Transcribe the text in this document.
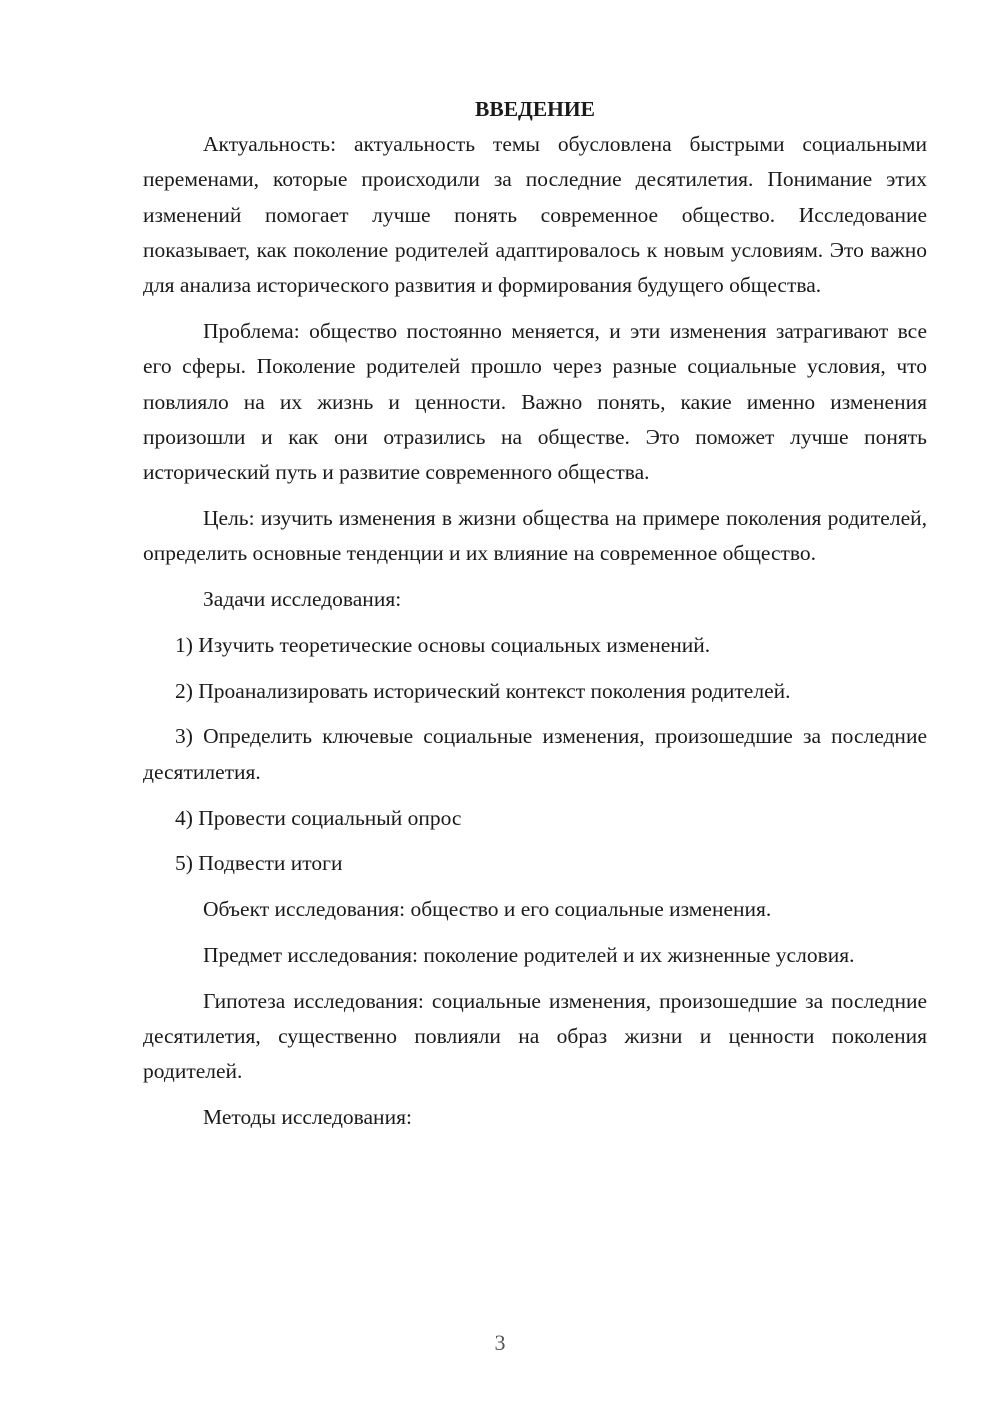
ВВЕДЕНИЕ

Актуальность: актуальность темы обусловлена быстрыми социальными переменами, которые происходили за последние десятилетия. Понимание этих изменений помогает лучше понять современное общество. Исследование показывает, как поколение родителей адаптировалось к новым условиям. Это важно для анализа исторического развития и формирования будущего общества.

Проблема: общество постоянно меняется, и эти изменения затрагивают все его сферы. Поколение родителей прошло через разные социальные условия, что повлияло на их жизнь и ценности. Важно понять, какие именно изменения произошли и как они отразились на обществе. Это поможет лучше понять исторический путь и развитие современного общества.

Цель: изучить изменения в жизни общества на примере поколения родителей, определить основные тенденции и их влияние на современное общество.

Задачи исследования:

1) Изучить теоретические основы социальных изменений.

2) Проанализировать исторический контекст поколения родителей.

3) Определить ключевые социальные изменения, произошедшие за последние десятилетия.

4) Провести социальный опрос

5) Подвести итоги

Объект исследования: общество и его социальные изменения.

Предмет исследования: поколение родителей и их жизненные условия.

Гипотеза исследования: социальные изменения, произошедшие за последние десятилетия, существенно повлияли на образ жизни и ценности поколения родителей.

Методы исследования:

3
